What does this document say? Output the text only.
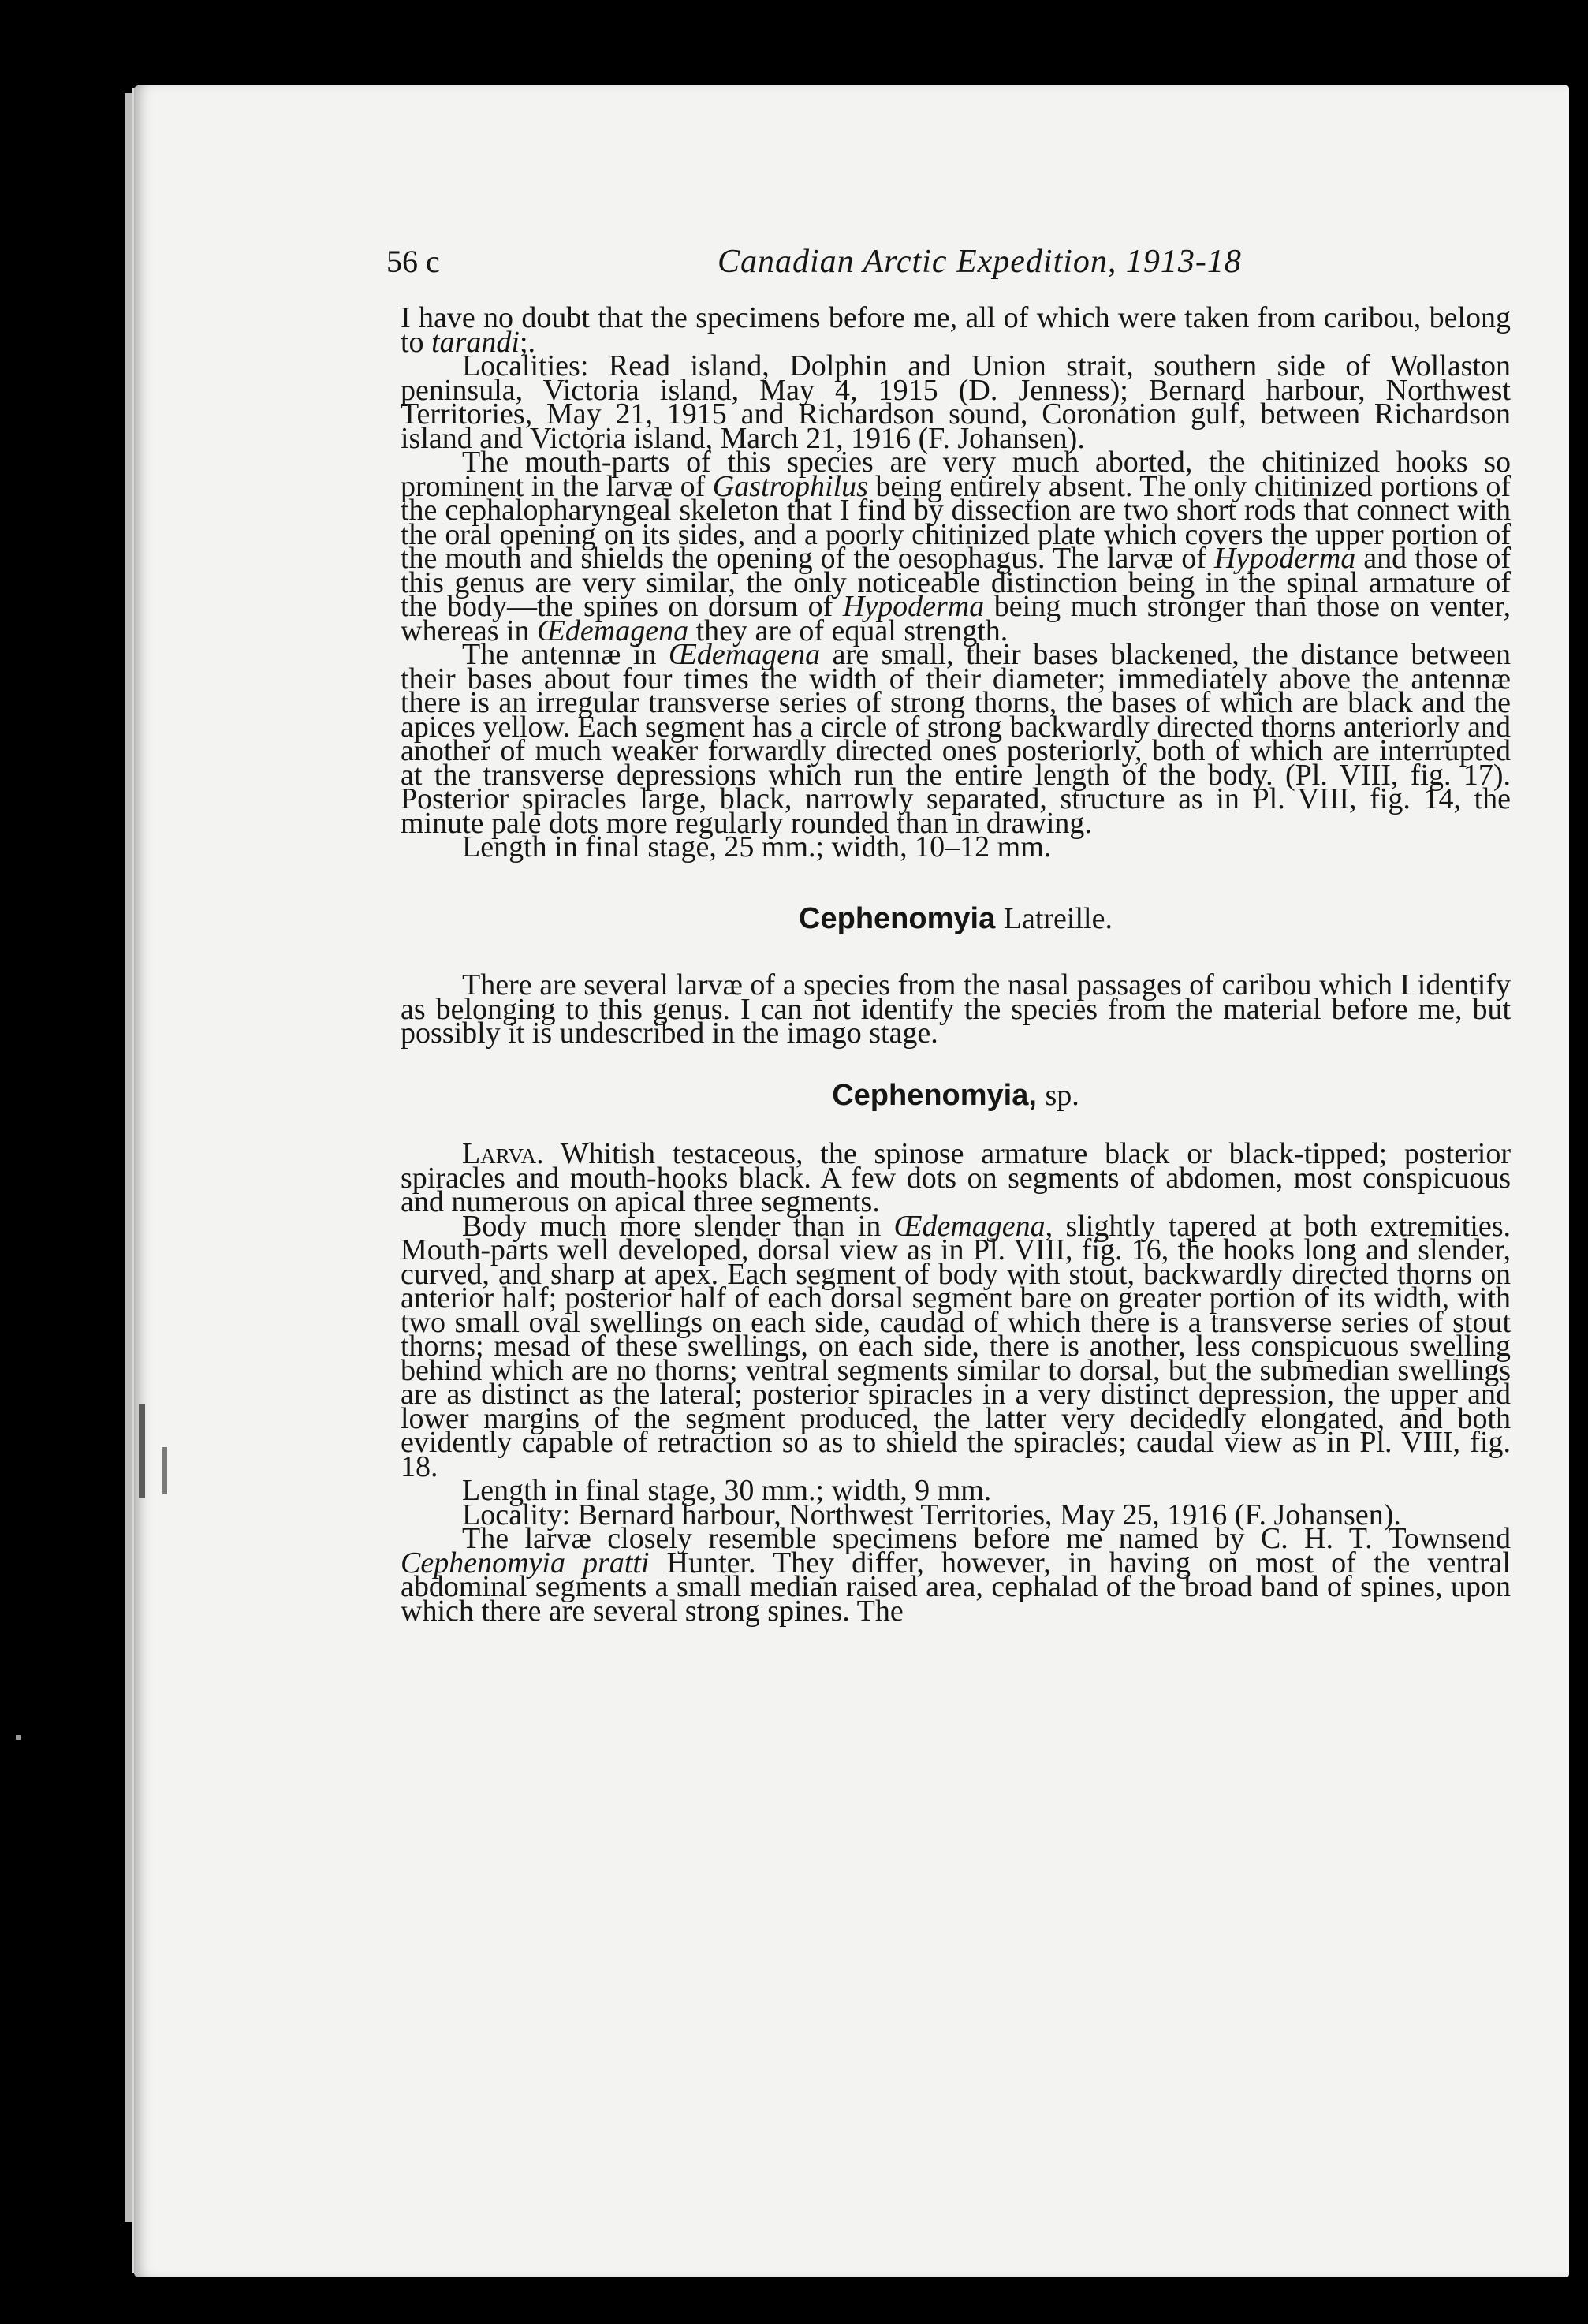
56 c	Canadian Arctic Expedition, 1913-18

I have no doubt that the specimens before me, all of which were taken from caribou, belong to tarandi;.

Localities: Read island, Dolphin and Union strait, southern side of Wollaston peninsula, Victoria island, May 4, 1915 (D. Jenness); Bernard harbour, Northwest Territories, May 21, 1915 and Richardson sound, Coronation gulf, between Richardson island and Victoria island, March 21, 1916 (F. Johansen).

The mouth-parts of this species are very much aborted, the chitinized hooks so prominent in the larvæ of Gastrophilus being entirely absent. The only chitinized portions of the cephalopharyngeal skeleton that I find by dissection are two short rods that connect with the oral opening on its sides, and a poorly chitinized plate which covers the upper portion of the mouth and shields the opening of the oesophagus. The larvæ of Hypoderma and those of this genus are very similar, the only noticeable distinction being in the spinal armature of the body—the spines on dorsum of Hypoderma being much stronger than those on venter, whereas in Œdemagena they are of equal strength.

The antennæ in Œdemagena are small, their bases blackened, the distance between their bases about four times the width of their diameter; immediately above the antennæ there is an irregular transverse series of strong thorns, the bases of which are black and the apices yellow. Each segment has a circle of strong backwardly directed thorns anteriorly and another of much weaker forwardly directed ones posteriorly, both of which are interrupted at the transverse depressions which run the entire length of the body. (Pl. VIII, fig. 17). Posterior spiracles large, black, narrowly separated, structure as in Pl. VIII, fig. 14, the minute pale dots more regularly rounded than in drawing.

Length in final stage, 25 mm.; width, 10–12 mm.

Cephenomyia Latreille.

There are several larvæ of a species from the nasal passages of caribou which I identify as belonging to this genus. I can not identify the species from the material before me, but possibly it is undescribed in the imago stage.

Cephenomyia, sp.

Larva. Whitish testaceous, the spinose armature black or black-tipped; posterior spiracles and mouth-hooks black. A few dots on segments of abdomen, most conspicuous and numerous on apical three segments.

Body much more slender than in Œdemagena, slightly tapered at both extremities. Mouth-parts well developed, dorsal view as in Pl. VIII, fig. 16, the hooks long and slender, curved, and sharp at apex. Each segment of body with stout, backwardly directed thorns on anterior half; posterior half of each dorsal segment bare on greater portion of its width, with two small oval swellings on each side, caudad of which there is a transverse series of stout thorns; mesad of these swellings, on each side, there is another, less conspicuous swelling behind which are no thorns; ventral segments similar to dorsal, but the submedian swellings are as distinct as the lateral; posterior spiracles in a very distinct depression, the upper and lower margins of the segment produced, the latter very decidedly elongated, and both evidently capable of retraction so as to shield the spiracles; caudal view as in Pl. VIII, fig. 18.

Length in final stage, 30 mm.; width, 9 mm.

Locality: Bernard harbour, Northwest Territories, May 25, 1916 (F. Johansen).

The larvæ closely resemble specimens before me named by C. H. T. Townsend Cephenomyia pratti Hunter. They differ, however, in having on most of the ventral abdominal segments a small median raised area, cephalad of the broad band of spines, upon which there are several strong spines. The
